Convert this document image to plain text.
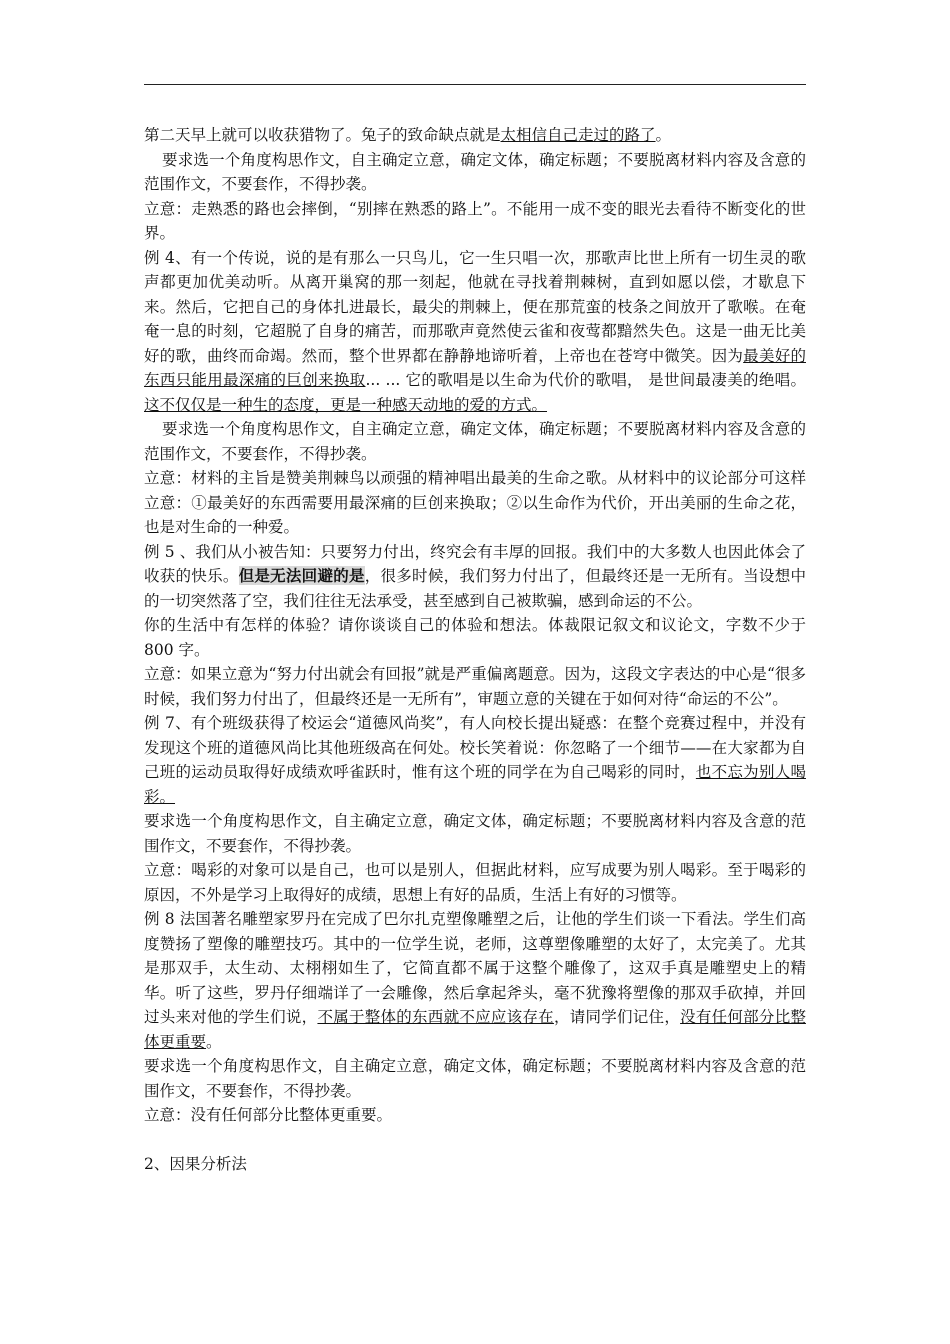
第二天早上就可以收获猎物了。兔子的致命缺点就是太相信自己走过的路了。

要求选一个角度构思作文，自主确定立意，确定文体，确定标题；不要脱离材料内容及含意的范围作文，不要套作，不得抄袭。

立意：走熟悉的路也会摔倒，“别摔在熟悉的路上”。不能用一成不变的眼光去看待不断变化的世界。

例 4、有一个传说，说的是有那么一只鸟儿，它一生只唱一次，那歌声比世上所有一切生灵的歌声都更加优美动听。从离开巢窝的那一刻起，他就在寻找着荆棘树，直到如愿以偿，才歇息下来。然后，它把自己的身体扎进最长，最尖的荆棘上，便在那荒蛮的枝条之间放开了歌喉。在奄奄一息的时刻，它超脱了自身的痛苦，而那歌声竟然使云雀和夜莺都黯然失色。这是一曲无比美好的歌，曲终而命竭。然而，整个世界都在静静地谛听着，上帝也在苍穹中微笑。因为最美好的东西只能用最深痛的巨创来换取... ... 它的歌唱是以生命为代价的歌唱， 是世间最凄美的绝唱。这不仅仅是一种生的态度，更是一种感天动地的爱的方式。

要求选一个角度构思作文，自主确定立意，确定文体，确定标题；不要脱离材料内容及含意的范围作文，不要套作，不得抄袭。

立意：材料的主旨是赞美荆棘鸟以顽强的精神唱出最美的生命之歌。从材料中的议论部分可这样立意：①最美好的东西需要用最深痛的巨创来换取；②以生命作为代价，开出美丽的生命之花，也是对生命的一种爱。

例 5 、我们从小被告知：只要努力付出，终究会有丰厚的回报。我们中的大多数人也因此体会了收获的快乐。但是无法回避的是，很多时候，我们努力付出了，但最终还是一无所有。当设想中的一切突然落了空，我们往往无法承受，甚至感到自己被欺骗，感到命运的不公。

你的生活中有怎样的体验？请你谈谈自己的体验和想法。体裁限记叙文和议论文，字数不少于 800 字。

立意：如果立意为“努力付出就会有回报”就是严重偏离题意。因为，这段文字表达的中心是“很多时候，我们努力付出了，但最终还是一无所有”，审题立意的关键在于如何对待“命运的不公”。

例 7、有个班级获得了校运会“道德风尚奖”，有人向校长提出疑惑：在整个竞赛过程中，并没有发现这个班的道德风尚比其他班级高在何处。校长笑着说：你忽略了一个细节——在大家都为自己班的运动员取得好成绩欢呼雀跃时，惟有这个班的同学在为自己喝彩的同时，也不忘为别人喝彩。

要求选一个角度构思作文，自主确定立意，确定文体，确定标题；不要脱离材料内容及含意的范围作文，不要套作，不得抄袭。

立意：喝彩的对象可以是自己，也可以是别人，但据此材料，应写成要为别人喝彩。至于喝彩的原因，不外是学习上取得好的成绩，思想上有好的品质，生活上有好的习惯等。

例 8 法国著名雕塑家罗丹在完成了巴尔扎克塑像雕塑之后，让他的学生们谈一下看法。学生们高度赞扬了塑像的雕塑技巧。其中的一位学生说，老师，这尊塑像雕塑的太好了，太完美了。尤其是那双手，太生动、太栩栩如生了，它简直都不属于这整个雕像了，这双手真是雕塑史上的精华。听了这些，罗丹仔细端详了一会雕像，然后拿起斧头，毫不犹豫将塑像的那双手砍掉，并回过头来对他的学生们说，不属于整体的东西就不应应该存在，请同学们记住，没有任何部分比整体更重要。

要求选一个角度构思作文，自主确定立意，确定文体，确定标题；不要脱离材料内容及含意的范围作文，不要套作，不得抄袭。

立意：没有任何部分比整体更重要。

2、因果分析法
